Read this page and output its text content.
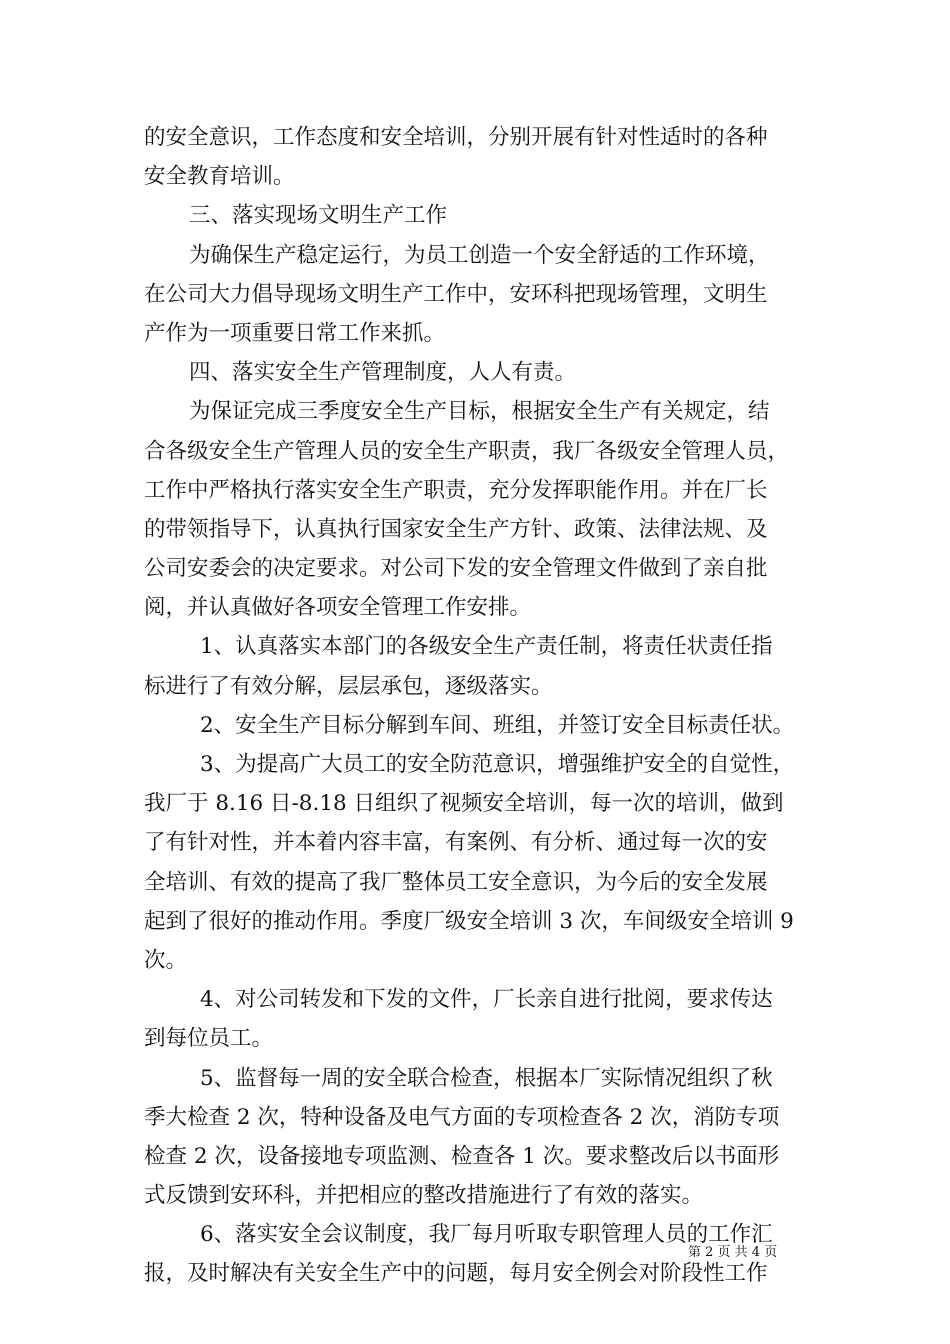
的安全意识，工作态度和安全培训，分别开展有针对性适时的各种
安全教育培训。
三、落实现场文明生产工作
为确保生产稳定运行，为员工创造一个安全舒适的工作环境，
在公司大力倡导现场文明生产工作中，安环科把现场管理，文明生
产作为一项重要日常工作来抓。
四、落实安全生产管理制度，人人有责。
为保证完成三季度安全生产目标，根据安全生产有关规定，结
合各级安全生产管理人员的安全生产职责，我厂各级安全管理人员，
工作中严格执行落实安全生产职责，充分发挥职能作用。并在厂长
的带领指导下，认真执行国家安全生产方针、政策、法律法规、及
公司安委会的决定要求。对公司下发的安全管理文件做到了亲自批
阅，并认真做好各项安全管理工作安排。
1、认真落实本部门的各级安全生产责任制，将责任状责任指
标进行了有效分解，层层承包，逐级落实。
2、安全生产目标分解到车间、班组，并签订安全目标责任状。
3、为提高广大员工的安全防范意识，增强维护安全的自觉性，
我厂于 8.16 日-8.18 日组织了视频安全培训，每一次的培训，做到
了有针对性，并本着内容丰富，有案例、有分析、通过每一次的安
全培训、有效的提高了我厂整体员工安全意识，为今后的安全发展
起到了很好的推动作用。季度厂级安全培训 3 次，车间级安全培训 9
次。
4、对公司转发和下发的文件，厂长亲自进行批阅，要求传达
到每位员工。
5、监督每一周的安全联合检查，根据本厂实际情况组织了秋
季大检查 2 次，特种设备及电气方面的专项检查各 2 次，消防专项
检查 2 次，设备接地专项监测、检查各 1 次。要求整改后以书面形
式反馈到安环科，并把相应的整改措施进行了有效的落实。
6、落实安全会议制度，我厂每月听取专职管理人员的工作汇
报，及时解决有关安全生产中的问题，每月安全例会对阶段性工作
第 2 页 共 4 页
